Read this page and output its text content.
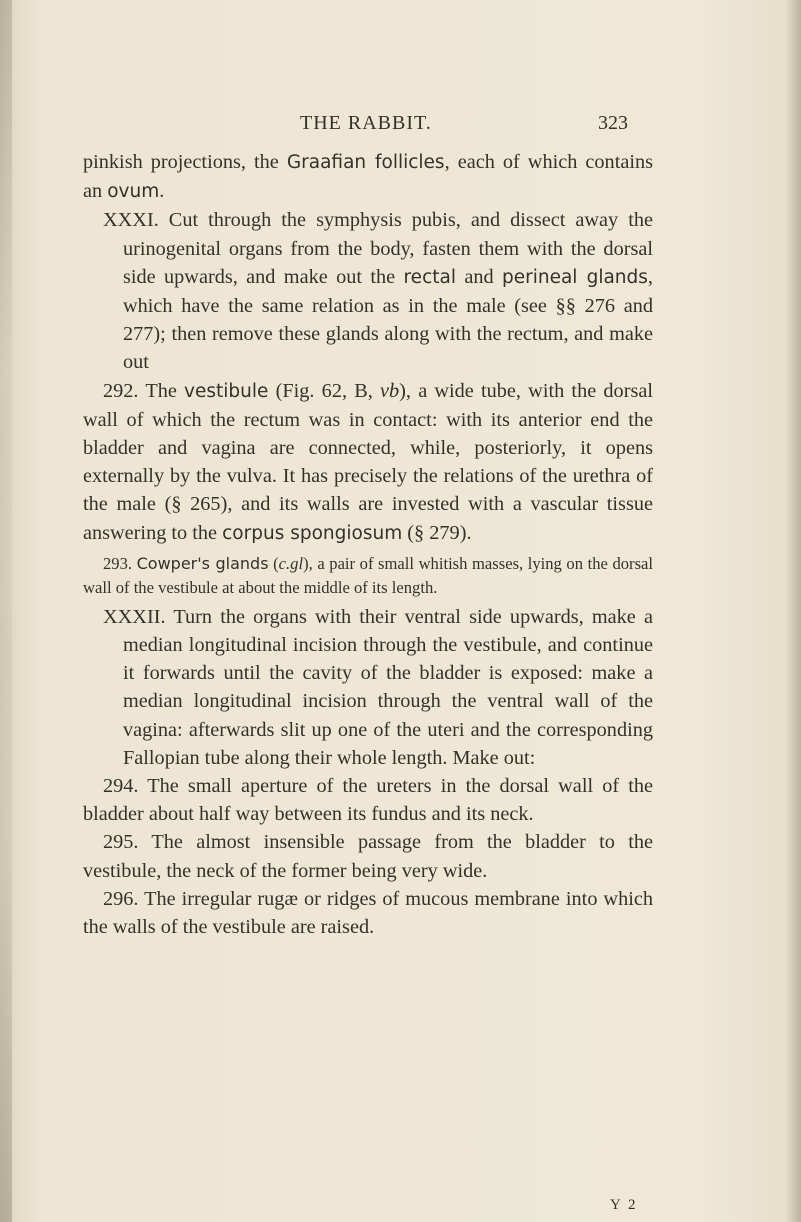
THE RABBIT.	323

pinkish projections, the Graafian follicles, each of which contains an ovum.

XXXI. Cut through the symphysis pubis, and dissect away the urinogenital organs from the body, fasten them with the dorsal side upwards, and make out the rectal and perineal glands, which have the same relation as in the male (see §§ 276 and 277); then remove these glands along with the rectum, and make out

292. The vestibule (Fig. 62, B, vb), a wide tube, with the dorsal wall of which the rectum was in contact: with its anterior end the bladder and vagina are connected, while, posteriorly, it opens externally by the vulva. It has precisely the relations of the urethra of the male (§ 265), and its walls are invested with a vascular tissue answering to the corpus spongiosum (§ 279).

293. Cowper's glands (c.gl), a pair of small whitish masses, lying on the dorsal wall of the vestibule at about the middle of its length.

XXXII. Turn the organs with their ventral side upwards, make a median longitudinal incision through the vestibule, and continue it forwards until the cavity of the bladder is exposed: make a median longitudinal incision through the ventral wall of the vagina: afterwards slit up one of the uteri and the corresponding Fallopian tube along their whole length. Make out:

294. The small aperture of the ureters in the dorsal wall of the bladder about half way between its fundus and its neck.

295. The almost insensible passage from the bladder to the vestibule, the neck of the former being very wide.

296. The irregular rugæ or ridges of mucous membrane into which the walls of the vestibule are raised.

Y 2
